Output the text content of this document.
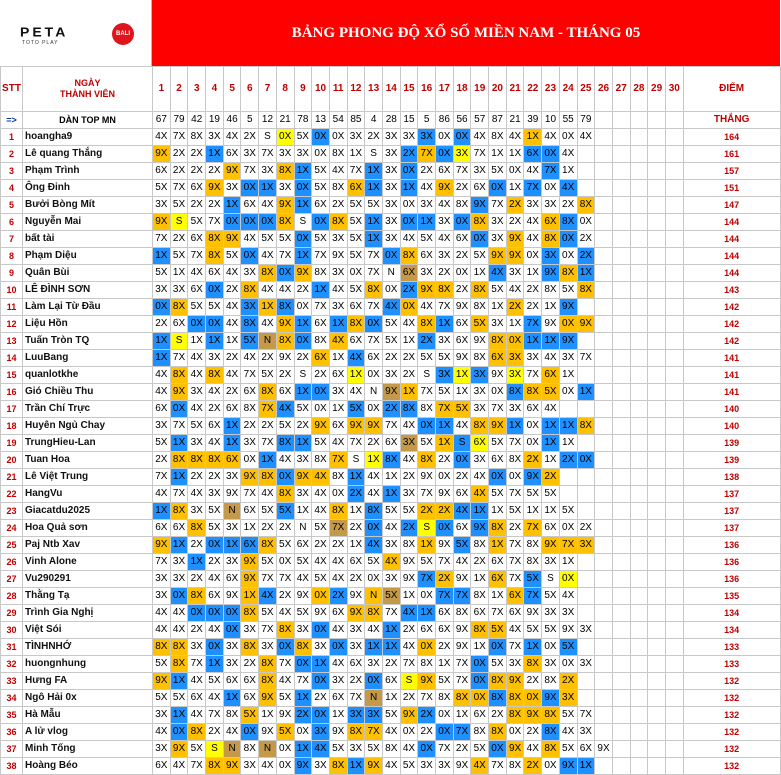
PETA
TOTO PLAY
BALI	BẢNG PHONG ĐỘ XỔ SỐ MIỀN NAM - THÁNG 05
STT	NGÀY
THÀNH VIÊN	1	2	3	4	5	6	7	8	9	10	11	12	13	14	15	16	17	18	19	20	21	22	23	24	25	26	27	28	29	30	ĐIỂM
=>	DÀN TOP MN	67	79	42	19	46	5	12	21	78	13	54	85	4	28	15	5	86	56	57	87	21	39	10	55	79						THẮNG
1	hoangha9	4X	7X	8X	3X	4X	2X	S	0X	5X	0X	0X	3X	2X	3X	3X	3X	0X	0X	4X	8X	4X	1X	4X	0X	4X						164
2	Lê quang Thắng	9X	2X	2X	1X	6X	3X	7X	3X	3X	0X	8X	1X	S	3X	2X	7X	0X	3X	7X	1X	1X	6X	0X	4X							161
3	Phạm Trình	6X	2X	2X	2X	9X	7X	3X	8X	1X	5X	4X	7X	1X	3X	0X	2X	6X	7X	3X	5X	0X	4X	7X	1X							157
4	Ông Đinh	5X	7X	6X	9X	3X	0X	1X	3X	0X	5X	8X	6X	1X	3X	1X	4X	9X	2X	6X	0X	1X	7X	0X	4X							151
5	Bưởi Bòng Mít	3X	5X	2X	2X	1X	6X	4X	9X	1X	6X	2X	5X	5X	3X	0X	3X	4X	8X	9X	7X	2X	3X	3X	2X	8X						147
6	Nguyễn Mai	9X	S	5X	7X	0X	0X	0X	8X	S	0X	8X	5X	1X	3X	0X	1X	3X	0X	8X	3X	2X	4X	6X	8X	0X						144
7	bất tài	7X	2X	6X	8X	9X	4X	5X	5X	0X	5X	3X	5X	1X	3X	4X	5X	4X	6X	0X	3X	9X	4X	8X	0X	2X						144
8	Phạm Diệu	1X	5X	7X	8X	5X	0X	4X	7X	1X	7X	9X	5X	7X	0X	8X	6X	3X	2X	5X	9X	9X	0X	3X	0X	2X						144
9	Quân Bùi	5X	1X	4X	6X	4X	3X	8X	0X	9X	8X	3X	0X	7X	N	6X	3X	2X	0X	1X	4X	3X	1X	9X	8X	1X						144
10	LÊ ĐÌNH SƠN	3X	3X	6X	0X	2X	8X	4X	4X	2X	1X	4X	5X	8X	0X	2X	9X	8X	2X	8X	5X	4X	2X	8X	5X	8X						143
11	Làm Lại Từ Đầu	0X	8X	5X	5X	4X	3X	1X	8X	0X	7X	3X	6X	7X	4X	0X	4X	7X	9X	8X	1X	2X	2X	1X	9X							142
12	Liệu Hồn	2X	6X	0X	0X	4X	8X	4X	9X	1X	6X	1X	8X	0X	5X	4X	8X	1X	6X	5X	3X	1X	7X	9X	0X	9X						142
13	Tuấn Tròn TQ	1X	S	1X	1X	1X	5X	N	8X	0X	8X	4X	6X	7X	5X	1X	2X	3X	6X	9X	8X	0X	1X	1X	9X							142
14	LuuBang	1X	7X	4X	3X	2X	4X	2X	9X	2X	6X	1X	4X	6X	2X	2X	5X	5X	9X	8X	6X	3X	3X	4X	3X	7X						141
15	quanlotkhe	4X	8X	4X	8X	4X	7X	5X	2X	S	2X	6X	1X	0X	3X	2X	S	3X	1X	3X	9X	3X	7X	6X	1X							141
16	Gió Chiều Thu	4X	9X	3X	4X	2X	6X	8X	6X	1X	0X	3X	4X	N	9X	1X	7X	5X	1X	3X	0X	8X	8X	5X	0X	1X						141
17	Trần Chí Trực	6X	0X	4X	2X	6X	8X	7X	4X	5X	0X	1X	5X	0X	2X	8X	8X	7X	5X	3X	7X	3X	6X	4X								140
18	Huyên Ngủ Chay	3X	7X	5X	6X	1X	2X	2X	5X	2X	9X	6X	9X	9X	7X	4X	0X	1X	4X	8X	9X	1X	0X	1X	1X	8X						140
19	TrungHieu-Lan	5X	1X	3X	4X	1X	3X	7X	8X	1X	5X	4X	7X	2X	6X	3X	5X	1X	S	6X	5X	7X	0X	1X	1X							139
20	Tuan Hoa	2X	8X	8X	8X	6X	0X	1X	4X	3X	8X	7X	S	1X	8X	4X	8X	2X	0X	3X	6X	8X	2X	1X	2X	0X						139
21	Lê Việt Trung	7X	1X	2X	2X	3X	9X	8X	0X	9X	4X	8X	1X	4X	1X	2X	9X	0X	2X	4X	0X	0X	9X	2X								138
22	HangVu	4X	7X	4X	3X	9X	7X	4X	8X	3X	4X	0X	2X	4X	1X	3X	7X	9X	6X	4X	5X	7X	5X	5X								137
23	Giacatdu2025	1X	8X	3X	5X	N	6X	5X	5X	1X	4X	8X	1X	8X	5X	5X	2X	2X	4X	1X	1X	5X	1X	1X	5X							137
24	Hoa Quả sơn	6X	6X	8X	5X	3X	1X	2X	2X	N	5X	7X	2X	0X	4X	2X	S	0X	6X	9X	8X	2X	7X	6X	0X	2X						137
25	Paj Ntb Xav	9X	1X	2X	0X	1X	6X	8X	5X	6X	2X	2X	1X	4X	3X	8X	1X	9X	5X	8X	1X	7X	8X	9X	7X	3X						136
26	Vinh Alone	7X	3X	1X	2X	3X	9X	5X	0X	5X	4X	4X	6X	5X	4X	9X	5X	7X	4X	2X	6X	7X	8X	3X	1X							136
27	Vu290291	3X	3X	2X	4X	6X	9X	7X	7X	4X	5X	4X	2X	0X	3X	9X	7X	2X	9X	1X	6X	7X	5X	S	0X							136
28	Thằng Tạ	3X	0X	8X	6X	9X	1X	4X	2X	9X	0X	2X	9X	N	5X	1X	0X	7X	7X	8X	1X	6X	7X	5X	4X							135
29	Trình Gia Nghị	4X	4X	0X	0X	0X	8X	5X	4X	5X	9X	6X	9X	8X	7X	4X	1X	6X	8X	6X	7X	6X	9X	3X	3X							134
30	Việt Sói	4X	4X	2X	4X	0X	3X	7X	8X	3X	0X	4X	3X	4X	1X	2X	6X	6X	9X	8X	5X	4X	5X	5X	9X	3X						134
31	TÌNHNHỚ	8X	8X	3X	0X	3X	8X	3X	0X	8X	3X	0X	3X	1X	1X	4X	0X	2X	9X	1X	0X	7X	1X	0X	5X							133
32	huongnhung	5X	8X	7X	1X	3X	2X	8X	7X	0X	1X	4X	6X	3X	2X	7X	8X	1X	7X	0X	5X	3X	8X	3X	0X	3X						133
33	Hưng FA	9X	1X	4X	5X	6X	6X	8X	4X	7X	0X	3X	2X	0X	6X	S	9X	5X	7X	0X	8X	9X	2X	8X	2X							132
34	Ngô Hải 0x	5X	5X	6X	4X	1X	6X	9X	5X	1X	2X	6X	7X	N	1X	2X	7X	8X	8X	0X	8X	8X	0X	9X	3X							132
35	Hà Mẫu	3X	1X	4X	7X	8X	5X	1X	9X	2X	0X	1X	3X	3X	5X	9X	2X	0X	1X	6X	2X	8X	9X	8X	5X	7X						132
36	A lử vlog	4X	0X	8X	2X	4X	0X	9X	5X	0X	3X	9X	8X	7X	4X	0X	2X	0X	7X	8X	8X	0X	2X	8X	4X	3X						132
37	Minh Tống	3X	9X	5X	S	N	8X	N	0X	1X	4X	5X	3X	5X	8X	4X	0X	7X	2X	5X	0X	9X	4X	8X	5X	6X	9X					132
38	Hoàng Béo	6X	4X	7X	8X	9X	3X	4X	0X	9X	3X	8X	1X	9X	4X	5X	3X	3X	9X	4X	7X	8X	2X	0X	9X	1X						132
